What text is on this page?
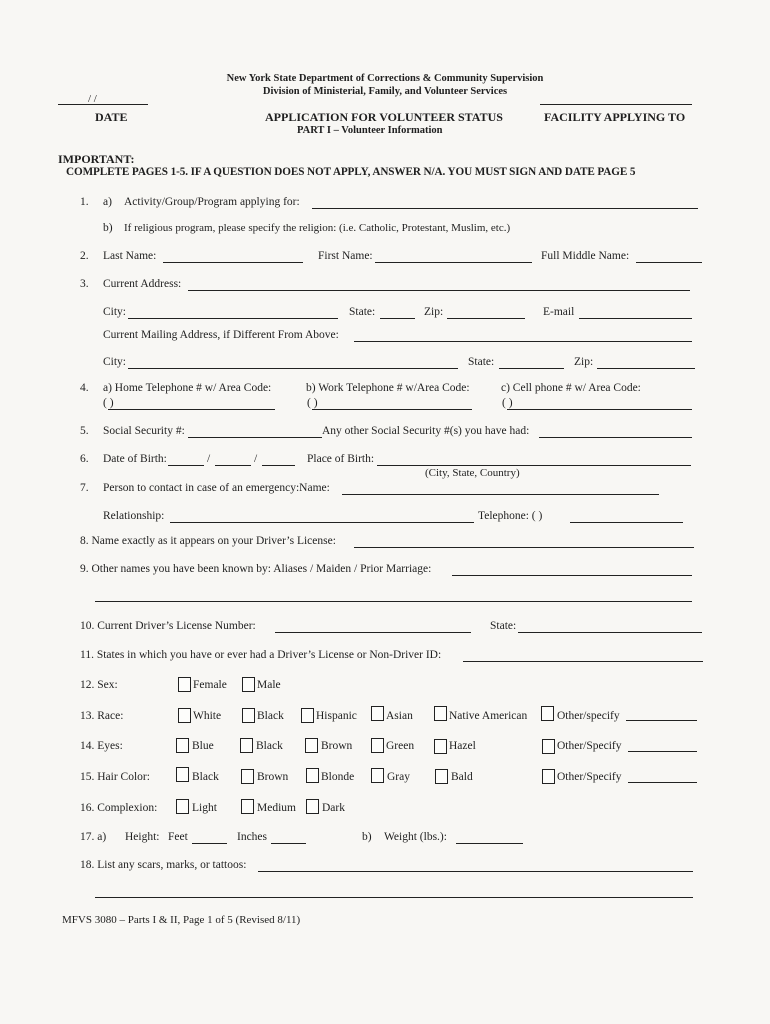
New York State Department of Corrections & Community Supervision
Division of Ministerial, Family, and Volunteer Services
/ /
DATE	APPLICATION FOR VOLUNTEER STATUS
PART I – Volunteer Information
FACILITY APPLYING TO
IMPORTANT:
COMPLETE PAGES 1-5. IF A QUESTION DOES NOT APPLY, ANSWER N/A. YOU MUST SIGN AND DATE PAGE 5
1. a) Activity/Group/Program applying for:
b) If religious program, please specify the religion: (i.e. Catholic, Protestant, Muslim, etc.)
2. Last Name:	First Name:	Full Middle Name:
3. Current Address:
City:	State:	Zip:	E-mail
Current Mailing Address, if Different From Above:
City:	State:	Zip:
4. a) Home Telephone # w/ Area Code:	b) Work Telephone # w/Area Code:	c) Cell phone # w/ Area Code:
( )	( )	( )
5. Social Security #:	Any other Social Security #(s) you have had:
6. Date of Birth:	/	/	Place of Birth:
(City, State, Country)
7. Person to contact in case of an emergency:Name:
Relationship:	Telephone: ( )
8. Name exactly as it appears on your Driver’s License:
9. Other names you have been known by: Aliases / Maiden / Prior Marriage:
10. Current Driver’s License Number:	State:
11. States in which you have or ever had a Driver’s License or Non-Driver ID:
12. Sex:	Female	Male
13. Race:	White	Black	Hispanic	Asian	Native American	Other/specify
14. Eyes:	Blue	Black	Brown	Green	Hazel	Other/Specify
15. Hair Color:	Black	Brown	Blonde	Gray	Bald	Other/Specify
16. Complexion:	Light	Medium Dark
17. a) Height: Feet	Inches	b) Weight (lbs.):
18. List any scars, marks, or tattoos:
MFVS 3080 – Parts I & II, Page 1 of 5 (Revised 8/11)
